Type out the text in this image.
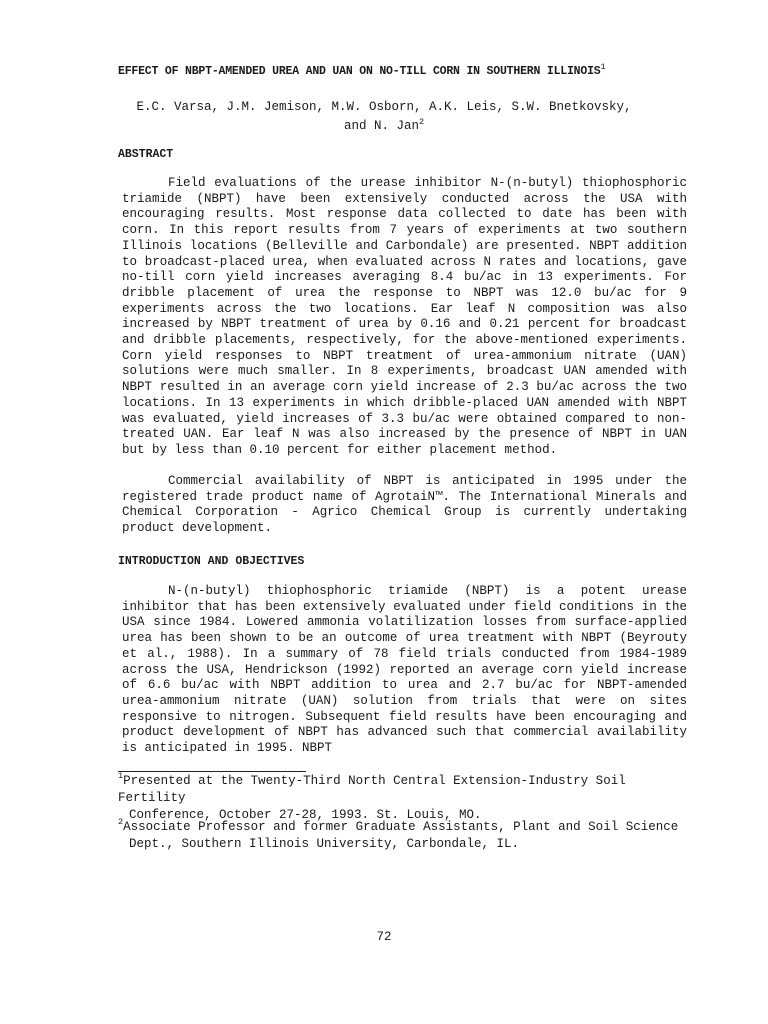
EFFECT OF NBPT-AMENDED UREA AND UAN ON NO-TILL CORN IN SOUTHERN ILLINOIS$^1$
E.C. Varsa, J.M. Jemison, M.W. Osborn, A.K. Leis, S.W. Bnetkovsky,
and N. Jan$^2$
ABSTRACT
Field evaluations of the urease inhibitor N-(n-butyl) thiophosphoric triamide (NBPT) have been extensively conducted across the USA with encouraging results. Most response data collected to date has been with corn. In this report results from 7 years of experiments at two southern Illinois locations (Belleville and Carbondale) are presented. NBPT addition to broadcast-placed urea, when evaluated across N rates and locations, gave no-till corn yield increases averaging 8.4 bu/ac in 13 experiments. For dribble placement of urea the response to NBPT was 12.0 bu/ac for 9 experiments across the two locations. Ear leaf N composition was also increased by NBPT treatment of urea by 0.16 and 0.21 percent for broadcast and dribble placements, respectively, for the above-mentioned experiments. Corn yield responses to NBPT treatment of urea-ammonium nitrate (UAN) solutions were much smaller. In 8 experiments, broadcast UAN amended with NBPT resulted in an average corn yield increase of 2.3 bu/ac across the two locations. In 13 experiments in which dribble-placed UAN amended with NBPT was evaluated, yield increases of 3.3 bu/ac were obtained compared to non-treated UAN. Ear leaf N was also increased by the presence of NBPT in UAN but by less than 0.10 percent for either placement method.
Commercial availability of NBPT is anticipated in 1995 under the registered trade product name of AgrotaiN™. The International Minerals and Chemical Corporation - Agrico Chemical Group is currently undertaking product development.
INTRODUCTION AND OBJECTIVES
N-(n-butyl) thiophosphoric triamide (NBPT) is a potent urease inhibitor that has been extensively evaluated under field conditions in the USA since 1984. Lowered ammonia volatilization losses from surface-applied urea has been shown to be an outcome of urea treatment with NBPT (Beyrouty et al., 1988). In a summary of 78 field trials conducted from 1984-1989 across the USA, Hendrickson (1992) reported an average corn yield increase of 6.6 bu/ac with NBPT addition to urea and 2.7 bu/ac for NBPT-amended urea-ammonium nitrate (UAN) solution from trials that were on sites responsive to nitrogen. Subsequent field results have been encouraging and product development of NBPT has advanced such that commercial availability is anticipated in 1995. NBPT
$^1$Presented at the Twenty-Third North Central Extension-Industry Soil Fertility
Conference, October 27-28, 1993. St. Louis, MO.
$^2$Associate Professor and former Graduate Assistants, Plant and Soil Science
Dept., Southern Illinois University, Carbondale, IL.
72
